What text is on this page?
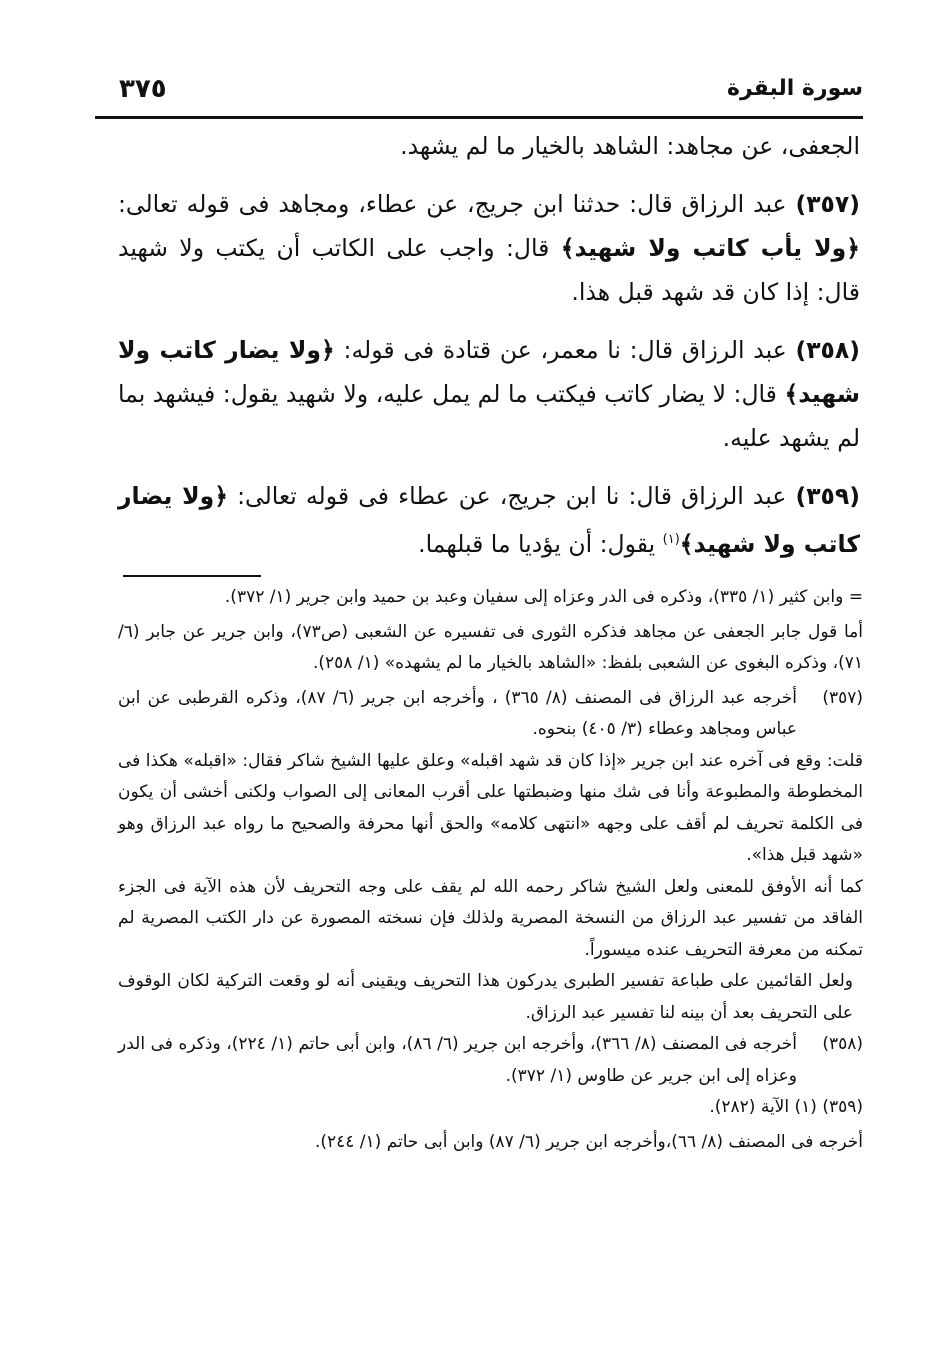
٣٧٥	سورة البقرة

الجعفى، عن مجاهد: الشاهد بالخيار ما لم يشهد.

(٣٥٧) عبد الرزاق قال: حدثنا ابن جريج، عن عطاء، ومجاهد فى قوله تعالى: ﴿ولا يأب كاتب ولا شهيد﴾ قال: واجب على الكاتب أن يكتب ولا شهيد قال: إذا كان قد شهد قبل هذا.

(٣٥٨) عبد الرزاق قال: نا معمر، عن قتادة فى قوله: ﴿ولا يضار كاتب ولا شهيد﴾ قال: لا يضار كاتب فيكتب ما لم يمل عليه، ولا شهيد يقول: فيشهد بما لم يشهد عليه.

(٣٥٩) عبد الرزاق قال: نا ابن جريج، عن عطاء فى قوله تعالى: ﴿ولا يضار كاتب ولا شهيد﴾$^{(١)}$ يقول: أن يؤديا ما قبلهما.

= وابن كثير (١/ ٣٣٥)، وذكره فى الدر وعزاه إلى سفيان وعبد بن حميد وابن جرير (١/ ٣٧٢).
أما قول جابر الجعفى عن مجاهد فذكره الثورى فى تفسيره عن الشعبى (ص٧٣)، وابن جرير عن جابر (٦/ ٧١)، وذكره البغوى عن الشعبى بلفظ: «الشاهد بالخيار ما لم يشهده» (١/ ٢٥٨).
(٣٥٧)
أخرجه عبد الرزاق فى المصنف (٨/ ٣٦٥) ، وأخرجه ابن جرير (٦/ ٨٧)، وذكره القرطبى عن ابن عباس ومجاهد وعطاء (٣/ ٤٠٥) بنحوه.
قلت: وقع فى آخره عند ابن جرير «إذا كان قد شهد اقبله» وعلق عليها الشيخ شاكر فقال: «اقبله» هكذا فى المخطوطة والمطبوعة وأنا فى شك منها وضبطتها على أقرب المعانى إلى الصواب ولكنى أخشى أن يكون فى الكلمة تحريف لم أقف على وجهه «انتهى كلامه» والحق أنها محرفة والصحيح ما رواه عبد الرزاق وهو «شهد قبل هذا».
كما أنه الأوفق للمعنى ولعل الشيخ شاكر رحمه الله لم يقف على وجه التحريف لأن هذه الآية فى الجزء الفاقد من تفسير عبد الرزاق من النسخة المصرية ولذلك فإن نسخته المصورة عن دار الكتب المصرية لم تمكنه من معرفة التحريف عنده ميسوراً.
ولعل القائمين على طباعة تفسير الطبرى يدركون هذا التحريف ويقينى أنه لو وقعت التركية لكان الوقوف على التحريف بعد أن بينه لنا تفسير عبد الرزاق.
(٣٥٨)
أخرجه فى المصنف (٨/ ٣٦٦)، وأخرجه ابن جرير (٦/ ٨٦)، وابن أبى حاتم (١/ ٢٢٤)، وذكره فى الدر وعزاه إلى ابن جرير عن طاوس (١/ ٣٧٢).
(٣٥٩) (١) الآية (٢٨٢).
أخرجه فى المصنف (٨/ ٦٦)،وأخرجه ابن جرير (٦/ ٨٧) وابن أبى حاتم (١/ ٢٤٤).
